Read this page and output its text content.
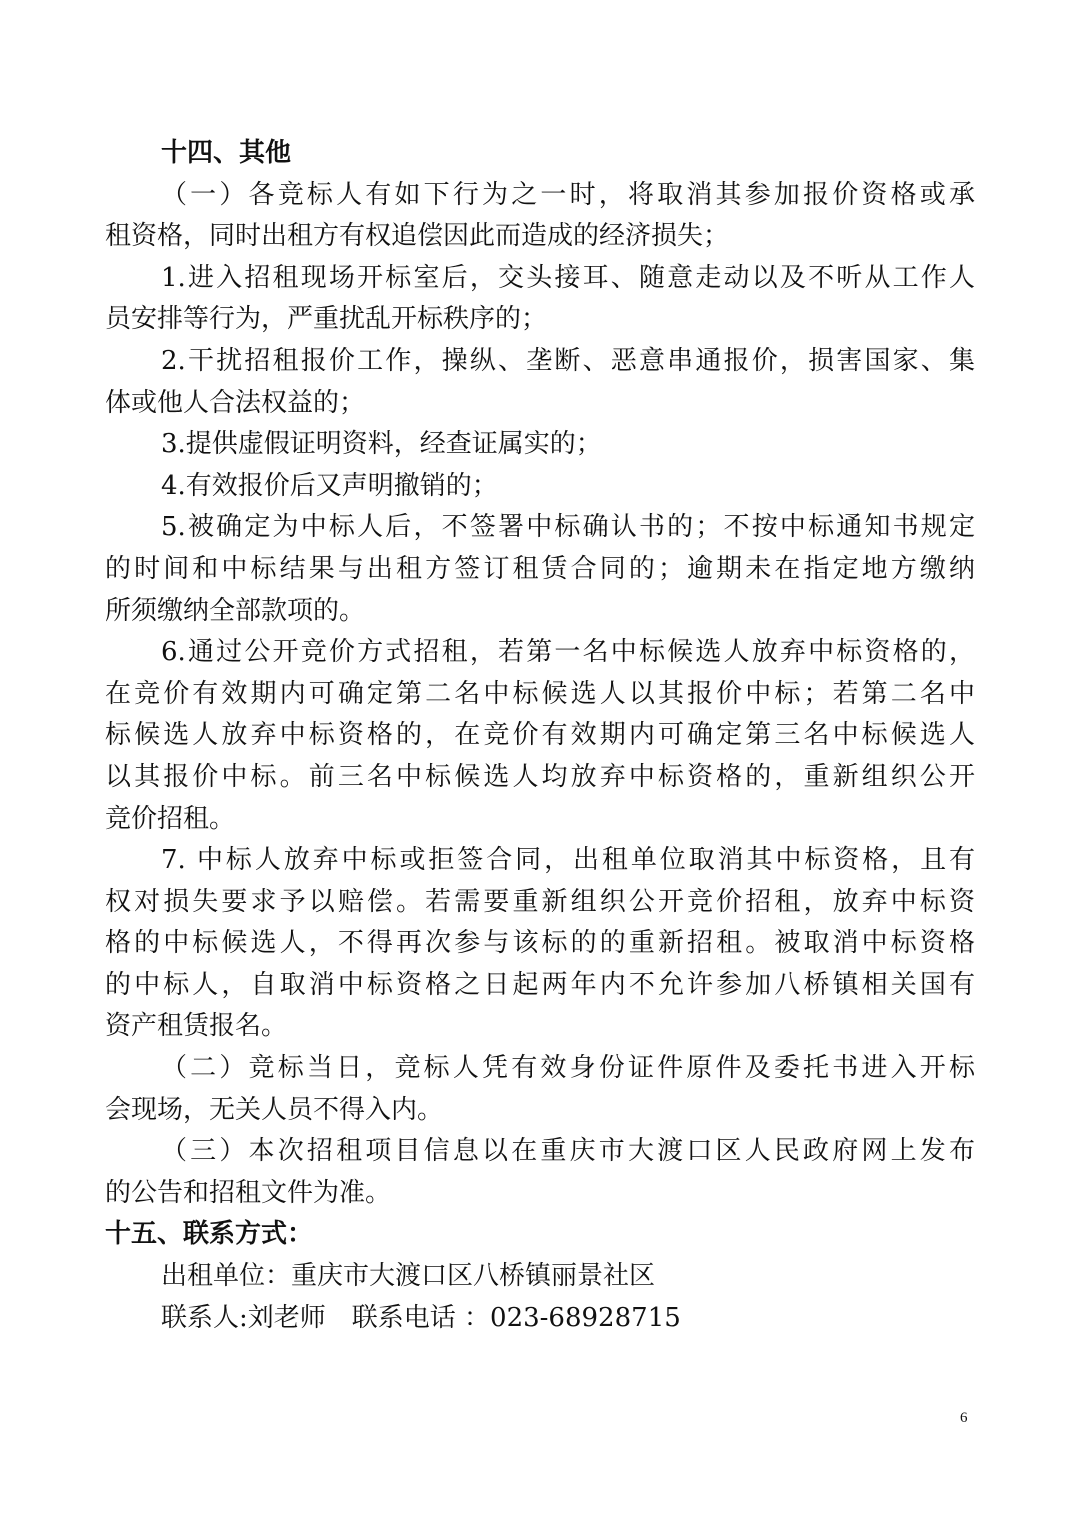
十四、其他
（一）各竞标人有如下行为之一时，将取消其参加报价资格或承
租资格，同时出租方有权追偿因此而造成的经济损失；
1.进入招租现场开标室后，交头接耳、随意走动以及不听从工作人
员安排等行为，严重扰乱开标秩序的；
2.干扰招租报价工作，操纵、垄断、恶意串通报价，损害国家、集
体或他人合法权益的；
3.提供虚假证明资料，经查证属实的；
4.有效报价后又声明撤销的；
5.被确定为中标人后，不签署中标确认书的；不按中标通知书规定
的时间和中标结果与出租方签订租赁合同的；逾期未在指定地方缴纳
所须缴纳全部款项的。
6.通过公开竞价方式招租，若第一名中标候选人放弃中标资格的，
在竞价有效期内可确定第二名中标候选人以其报价中标；若第二名中
标候选人放弃中标资格的，在竞价有效期内可确定第三名中标候选人
以其报价中标。前三名中标候选人均放弃中标资格的，重新组织公开
竞价招租。
7. 中标人放弃中标或拒签合同，出租单位取消其中标资格，且有
权对损失要求予以赔偿。若需要重新组织公开竞价招租，放弃中标资
格的中标候选人，不得再次参与该标的的重新招租。被取消中标资格
的中标人，自取消中标资格之日起两年内不允许参加八桥镇相关国有
资产租赁报名。
（二）竞标当日，竞标人凭有效身份证件原件及委托书进入开标
会现场，无关人员不得入内。
（三）本次招租项目信息以在重庆市大渡口区人民政府网上发布
的公告和招租文件为准。
十五、联系方式：
出租单位：重庆市大渡口区八桥镇丽景社区
联系人:刘老师　联系电话 ：023-68928715
6
